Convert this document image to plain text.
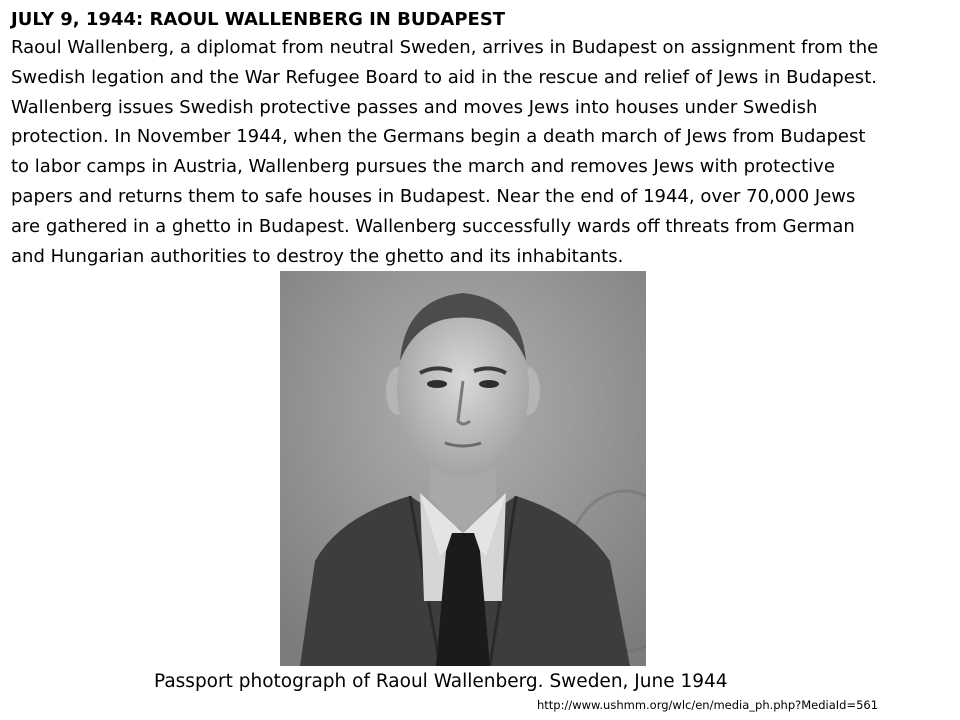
JULY 9, 1944: RAOUL WALLENBERG IN BUDAPEST
Raoul Wallenberg, a diplomat from neutral Sweden, arrives in Budapest on assignment from the
Swedish legation and the War Refugee Board to aid in the rescue and relief of Jews in Budapest.
Wallenberg issues Swedish protective passes and moves Jews into houses under Swedish
protection. In November 1944, when the Germans begin a death march of Jews from Budapest
to labor camps in Austria, Wallenberg pursues the march and removes Jews with protective
papers and returns them to safe houses in Budapest. Near the end of 1944, over 70,000 Jews
are gathered in a ghetto in Budapest. Wallenberg successfully wards off threats from German
and Hungarian authorities to destroy the ghetto and its inhabitants.
Passport photograph of Raoul Wallenberg. Sweden, June 1944
http://www.ushmm.org/wlc/en/media_ph.php?MediaId=561
